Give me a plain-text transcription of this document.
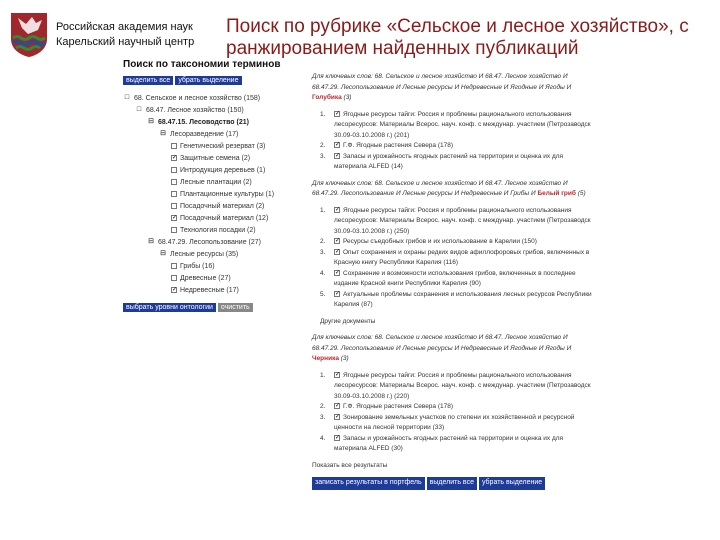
Российская академия наук
Карельский научный центр
Поиск по рубрике «Сельское и лесное хозяйство», с ранжированием найденных публикаций
Поиск по таксономии терминов
выделить все убрать выделение
□ 68. Сельское и лесное хозяйство (158)
□ 68.47. Лесное хозяйство (150)
⊟ 68.47.15. Лесоводство (21)
⊟ Лесоразведение (17)
Генетический резерват (3)
✓ Защитные семена (2)
Интродукция деревьев (1)
Лесные плантации (2)
Плантационные культуры (1)
Посадочный материал (2)
✓ Посадочный материал (12)
Технология посадки (2)
⊟ 68.47.29. Лесопользование (27)
⊟ Лесные ресурсы (35)
Грибы (16)
Древесные (27)
✓ Недревесные (17)
выбрать уровни онтологии очистить
Для ключевых слов: 68. Сельское и лесное хозяйство И 68.47. Лесное хозяйство И 68.47.29. Лесопользование И Лесные ресурсы И Недревесные И Ягодные И Ягоды И Голубика (3)
1. ✓ Ягодные ресурсы тайги: Россия и проблемы рационального использования лесоресурсов: Материалы Всерос. науч. конф. с междунар. участием (Петрозаводск 30.09-03.10.2008 г.) (201)
2. ✓ Г.Ф. Ягодные растения Севера (178)
3. ✓ Запасы и урожайность ягодных растений на территории и оценка их для материала ALFED (14)
Для ключевых слов: 68. Сельское и лесное хозяйство И 68.47. Лесное хозяйство И 68.47.29. Лесопользование И Лесные ресурсы И Недревесные И Грибы И Белый гриб (5)
1. ✓ Ягодные ресурсы тайги: Россия и проблемы рационального использования лесоресурсов: Материалы Всерос. науч. конф. с междунар. участием (Петрозаводск 30.09-03.10.2008 г.) (250)
2. ✓ Ресурсы съедобных грибов и их использование в Карелии (150)
3. ✓ Опыт сохранения и охраны редких видов афиллофоровых грибов, включенных в Красную книгу Республики Карелия (116)
4. ✓ Сохранение и возможности использования грибов, включенных в последнее издание Красной книги Республики Карелия (90)
5. ✓ Актуальные проблемы сохранения и использования лесных ресурсов Республики Карелия (87)
Другие документы
Для ключевых слов: 68. Сельское и лесное хозяйство И 68.47. Лесное хозяйство И 68.47.29. Лесопользование И Лесные ресурсы И Недревесные И Ягодные И Ягоды И Черника (3)
1. ✓ Ягодные ресурсы тайги: Россия и проблемы рационального использования лесоресурсов: Материалы Всерос. науч. конф. с междунар. участием (Петрозаводск 30.09-03.10.2008 г.) (220)
2. ✓ Г.Ф. Ягодные растения Севера (178)
3. ✓ Зонирование земельных участков по степени их хозяйственной и ресурсной ценности на лесной территории (33)
4. ✓ Запасы и урожайность ягодных растений на территории и оценка их для материала ALFED (30)
Показать все результаты
записать результаты в портфель выделить все убрать выделение
